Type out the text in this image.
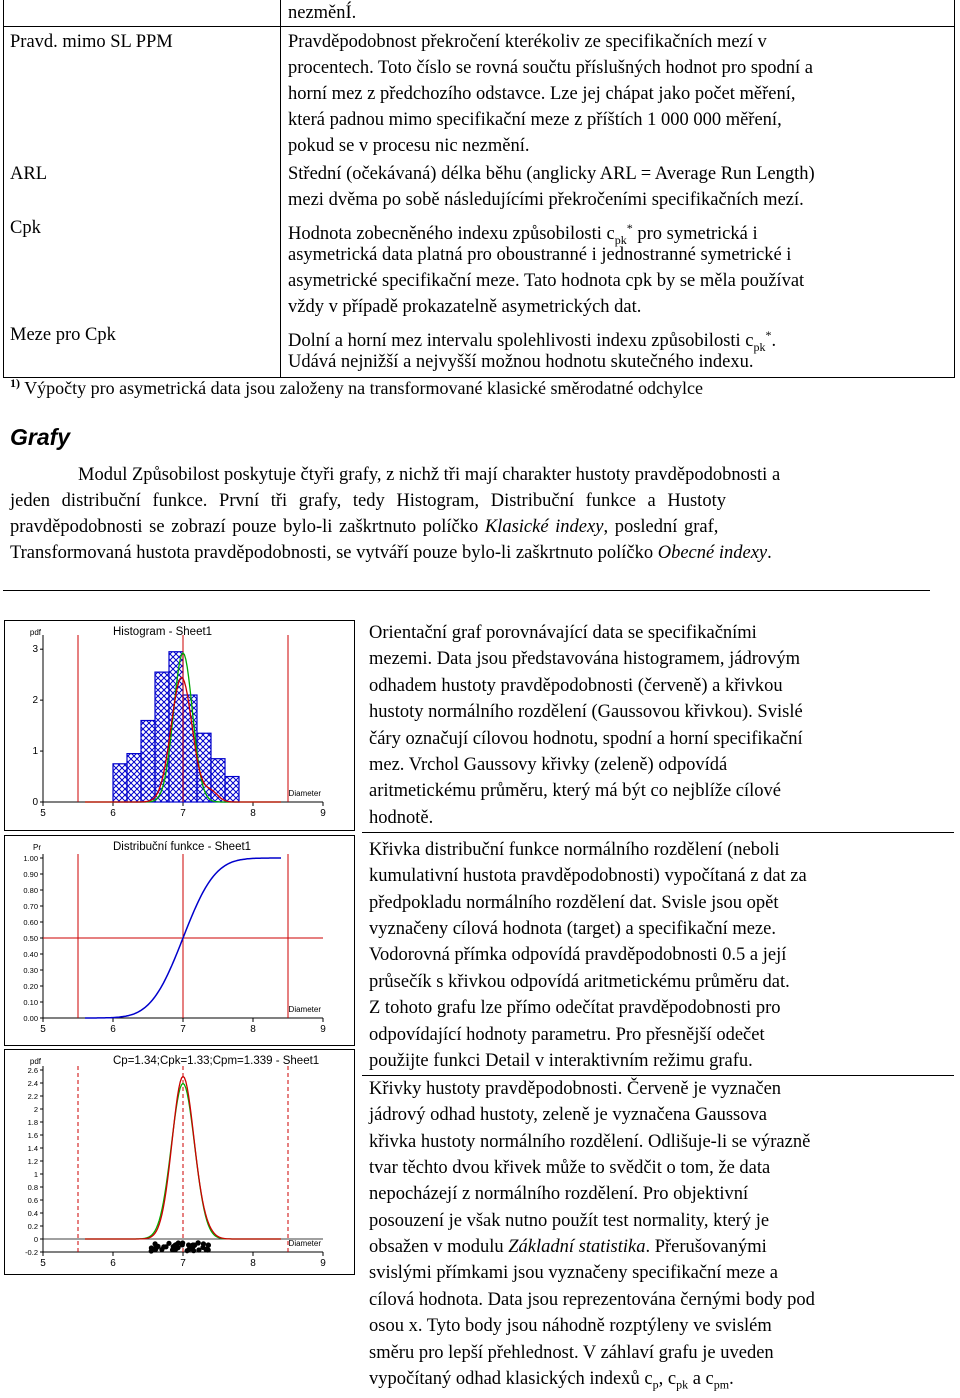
nezměnÍ.
Pravd. mimo SL PPM	Pravděpodobnost překročení kterékoliv ze specifikačních mezí v
procentech. Toto číslo se rovná součtu příslušných hodnot pro spodní a
horní mez z předchozího odstavce. Lze jej chápat jako počet měření,
která padnou mimo specifikační meze z příštích 1 000 000 měření,
pokud se v procesu nic nezmění.
ARL	Střední (očekávaná) délka běhu (anglicky ARL = Average Run Length)
mezi dvěma po sobě následujícími překročeními specifikačních mezí.
Cpk	Hodnota zobecněného indexu způsobilosti $c_{pk}^*$ pro symetrická i
asymetrická data platná pro oboustranné i jednostranné symetrické i
asymetrické specifikační meze. Tato hodnota cpk by se měla používat
vždy v případě prokazatelně asymetrických dat.
Meze pro Cpk	Dolní a horní mez intervalu spolehlivosti indexu způsobilosti $c_{pk}^*$.
Udává nejnižší a nejvyšší možnou hodnotu skutečného indexu.
$^{1)}$ Výpočty pro asymetrická data jsou založeny na transformované klasické směrodatné odchylce
Grafy
Modul Způsobilost poskytuje čtyři grafy, z nichž tři mají charakter hustoty pravděpodobnosti a
jeden distribuční funkce. První tři grafy, tedy Histogram, Distribuční funkce a Hustoty
pravděpodobnosti se zobrazí pouze bylo-li zaškrtnuto políčko Klasické indexy, poslední graf,
Transformovaná hustota pravděpodobnosti, se vytváří pouze bylo-li zaškrtnuto políčko Obecné indexy.
Histogram - Sheet1
pdf
Diameter
5	6	7	8	9
0
1
2
3
Distribuční funkce - Sheet1
Pr
Diameter
5	6	7	8	9
0.00
0.10
0.20
0.30
0.40
0.50
0.60
0.70
0.80
0.90
1.00
Cp=1.34;Cpk=1.33;Cpm=1.339 - Sheet1
pdf
Diameter
5	6	7	8	9
-0.2
0
0.2
0.4
0.6
0.8
1
1.2
1.4
1.6
1.8
2
2.2
2.4
2.6
Orientační graf porovnávající data se specifikačními
mezemi. Data jsou představována histogramem, jádrovým
odhadem hustoty pravděpodobnosti (červeně) a křivkou
hustoty normálního rozdělení (Gaussovou křivkou). Svislé
čáry označují cílovou hodnotu, spodní a horní specifikační
mez. Vrchol Gaussovy křivky (zeleně) odpovídá
aritmetickému průměru, který má být co nejblíže cílové
hodnotě.
Křivka distribuční funkce normálního rozdělení (neboli
kumulativní hustota pravděpodobnosti) vypočítaná z dat za
předpokladu normálního rozdělení dat. Svisle jsou opět
vyznačeny cílová hodnota (target) a specifikační meze.
Vodorovná přímka odpovídá pravděpodobnosti 0.5 a její
průsečík s křivkou odpovídá aritmetickému průměru dat.
Z tohoto grafu lze přímo odečítat pravděpodobnosti pro
odpovídající hodnoty parametru. Pro přesnější odečet
použijte funkci Detail v interaktivním režimu grafu.
Křivky hustoty pravděpodobnosti. Červeně je vyznačen
jádrový odhad hustoty, zeleně je vyznačena Gaussova
křivka hustoty normálního rozdělení. Odlišuje-li se výrazně
tvar těchto dvou křivek může to svědčit o tom, že data
nepocházejí z normálního rozdělení. Pro objektivní
posouzení je však nutno použít test normality, který je
obsažen v modulu Základní statistika. Přerušovanými
svislými přímkami jsou vyznačeny specifikační meze a
cílová hodnota. Data jsou reprezentována černými body pod
osou x. Tyto body jsou náhodně rozptýleny ve svislém
směru pro lepší přehlednost. V záhlaví grafu je uveden
vypočítaný odhad klasických indexů $c_p$, $c_{pk}$ a $c_{pm}$.
